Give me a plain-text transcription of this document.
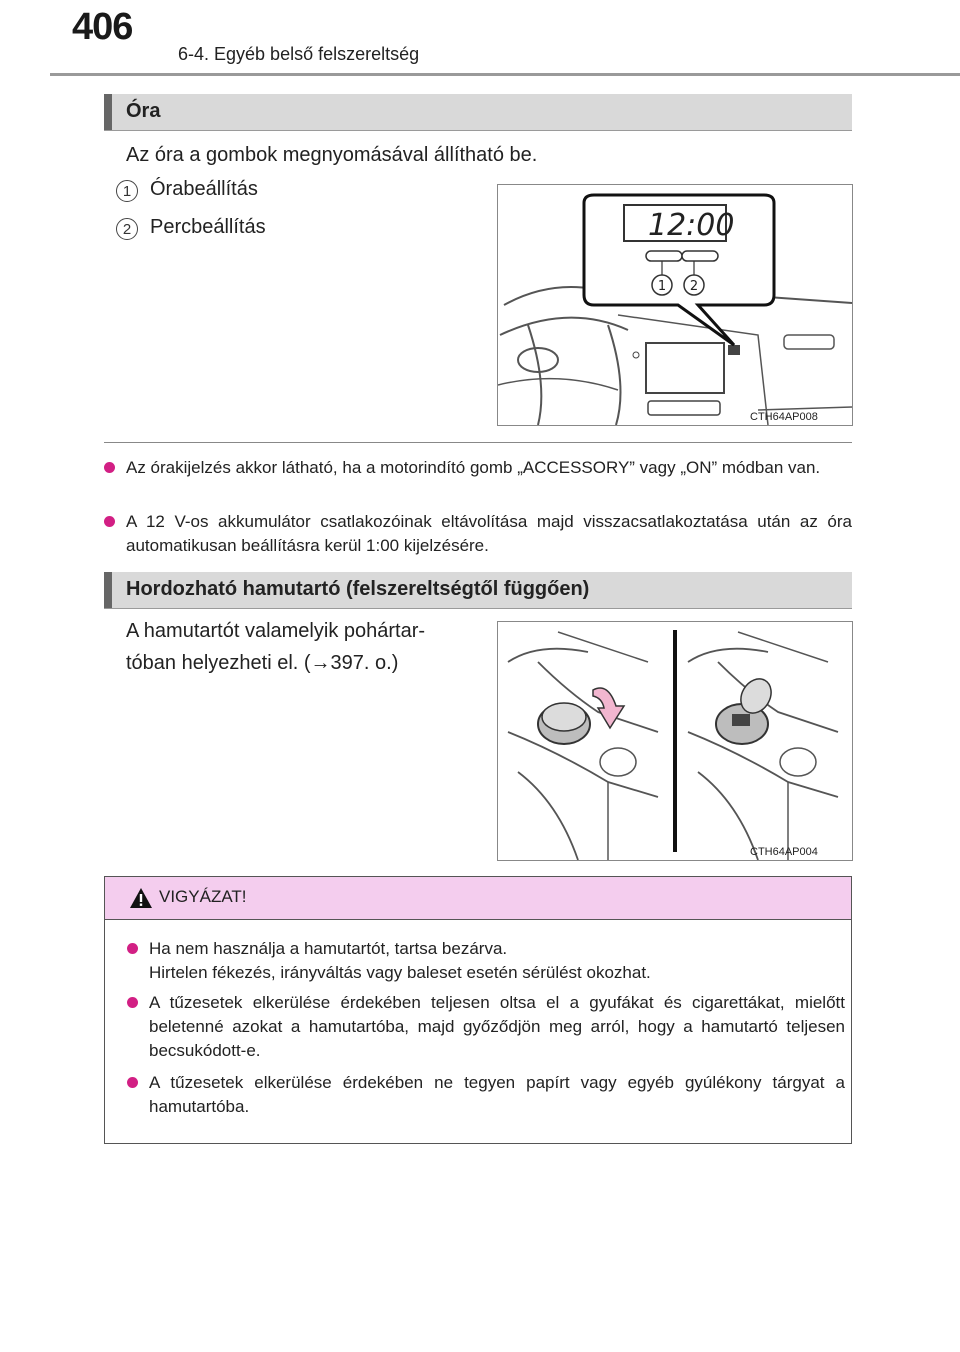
406
6-4. Egyéb belső felszereltség
Óra
Az óra a gombok megnyomásával állítható be.
1 Órabeállítás
2 Percbeállítás	12:00
1 2
CTH64AP008
Az órakijelzés akkor látható, ha a motorindító gomb „ACCESSORY” vagy „ON” módban van.
A 12 V-os akkumulátor csatlakozóinak eltávolítása majd visszacsatlakoztatása után az óra automatikusan beállításra kerül 1:00 kijelzésére.
Hordozható hamutartó (felszereltségtől függően)
A hamutartót valamelyik pohártar-
tóban helyezheti el. (→397. o.)
CTH64AP004
VIGYÁZAT!
Ha nem használja a hamutartót, tartsa bezárva.
Hirtelen fékezés, irányváltás vagy baleset esetén sérülést okozhat.
A tűzesetek elkerülése érdekében teljesen oltsa el a gyufákat és cigarettákat, mielőtt beletenné azokat a hamutartóba, majd győződjön meg arról, hogy a hamutartó teljesen becsukódott-e.
A tűzesetek elkerülése érdekében ne tegyen papírt vagy egyéb gyúlékony tárgyat a hamutartóba.
